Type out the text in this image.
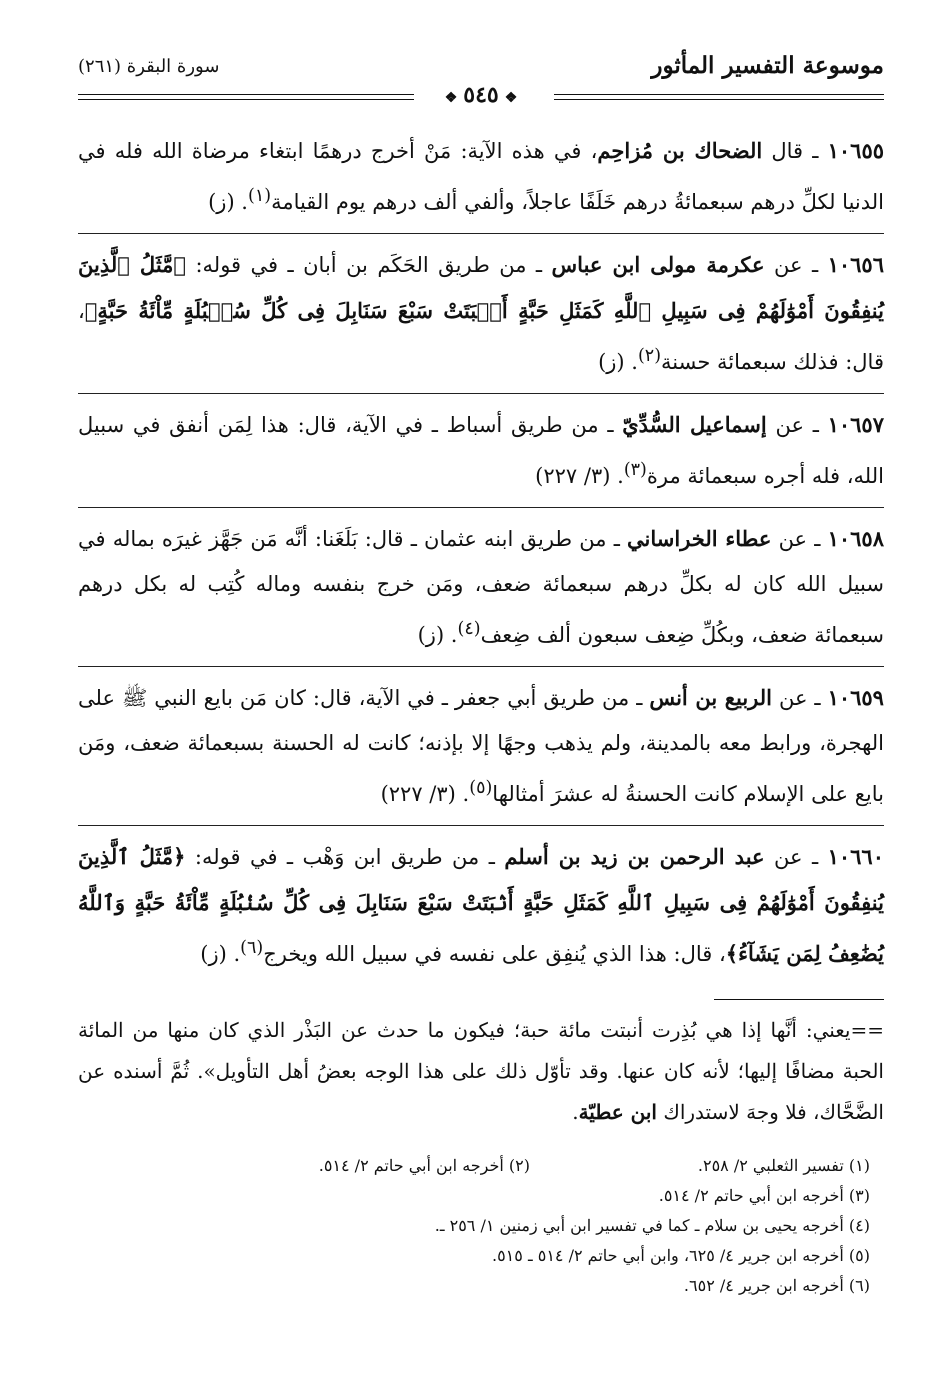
موسوعة التفسير المأثور
سورة البقرة (٢٦١)
❖٥٤٥❖
١٠٦٥٥ ـ قال الضحاك بن مُزاحِم، في هذه الآية: مَنْ أخرج درهمًا ابتغاء مرضاة الله فله في الدنيا لكلِّ درهم سبعمائةُ درهم خَلَفًا عاجلاً، وألفي ألف درهم يوم القيامة$^{(١)}$. (ز)
١٠٦٥٦ ـ عن عكرمة مولى ابن عباس ـ من طريق الحَكَم بن أبان ـ في قوله: ﴿مَّثَلُ ٱلَّذِينَ يُنفِقُونَ أَمْوَٰلَهُمْ فِى سَبِيلِ ٱللَّهِ كَمَثَلِ حَبَّةٍ أَنۢبَتَتْ سَبْعَ سَنَابِلَ فِى كُلِّ سُنۢبُلَةٍ مِّاْئَةُ حَبَّةٍ﴾، قال: فذلك سبعمائة حسنة$^{(٢)}$. (ز)
١٠٦٥٧ ـ عن إسماعيل السُّدِّيّ ـ من طريق أسباط ـ في الآية، قال: هذا لِمَن أنفق في سبيل الله، فله أجره سبعمائة مرة$^{(٣)}$. (٣/ ٢٢٧)
١٠٦٥٨ ـ عن عطاء الخراساني ـ من طريق ابنه عثمان ـ قال: بَلَغَنا: أنَّه مَن جَهَّز غيرَه بماله في سبيل الله كان له بكلِّ درهم سبعمائة ضعف، ومَن خرج بنفسه وماله كُتِب له بكل درهم سبعمائة ضعف، وبكُلِّ ضِعف سبعون ألف ضِعف$^{(٤)}$. (ز)
١٠٦٥٩ ـ عن الربيع بن أنس ـ من طريق أبي جعفر ـ في الآية، قال: كان مَن بايع النبي ﷺ على الهجرة، ورابط معه بالمدينة، ولم يذهب وجهًا إلا بإذنه؛ كانت له الحسنة بسبعمائة ضعف، ومَن بايع على الإسلام كانت الحسنةُ له عشرَ أمثالها$^{(٥)}$. (٣/ ٢٢٧)
١٠٦٦٠ ـ عن عبد الرحمن بن زيد بن أسلم ـ من طريق ابن وَهْب ـ في قوله: ﴿مَّثَلُ ٱلَّذِينَ يُنفِقُونَ أَمْوَٰلَهُمْ فِى سَبِيلِ ٱللَّهِ كَمَثَلِ حَبَّةٍ أَنۢبَتَتْ سَبْعَ سَنَابِلَ فِى كُلِّ سُنۢبُلَةٍ مِّاْئَةُ حَبَّةٍ وَٱللَّهُ يُضَٰعِفُ لِمَن يَشَآءُ﴾، قال: هذا الذي يُنفِق على نفسه في سبيل الله ويخرج$^{(٦)}$. (ز)
==يعني: أنَّها إذا هي بُذِرت أنبتت مائة حبة؛ فيكون ما حدث عن البَذْر الذي كان منها من المائة الحبة مضافًا إليها؛ لأنه كان عنها. وقد تأوّل ذلك على هذا الوجه بعضُ أهل التأويل». ثُمَّ أسنده عن الضَّحَّاك، فلا وجهَ لاستدراك ابن عطيّة.
(١) تفسير الثعلبي ٢/ ٢٥٨.
(٢) أخرجه ابن أبي حاتم ٢/ ٥١٤.
(٣) أخرجه ابن أبي حاتم ٢/ ٥١٤.
(٤) أخرجه يحيى بن سلام ـ كما في تفسير ابن أبي زمنين ١/ ٢٥٦ ـ.
(٥) أخرجه ابن جرير ٤/ ٦٢٥، وابن أبي حاتم ٢/ ٥١٤ ـ ٥١٥.
(٦) أخرجه ابن جرير ٤/ ٦٥٢.
